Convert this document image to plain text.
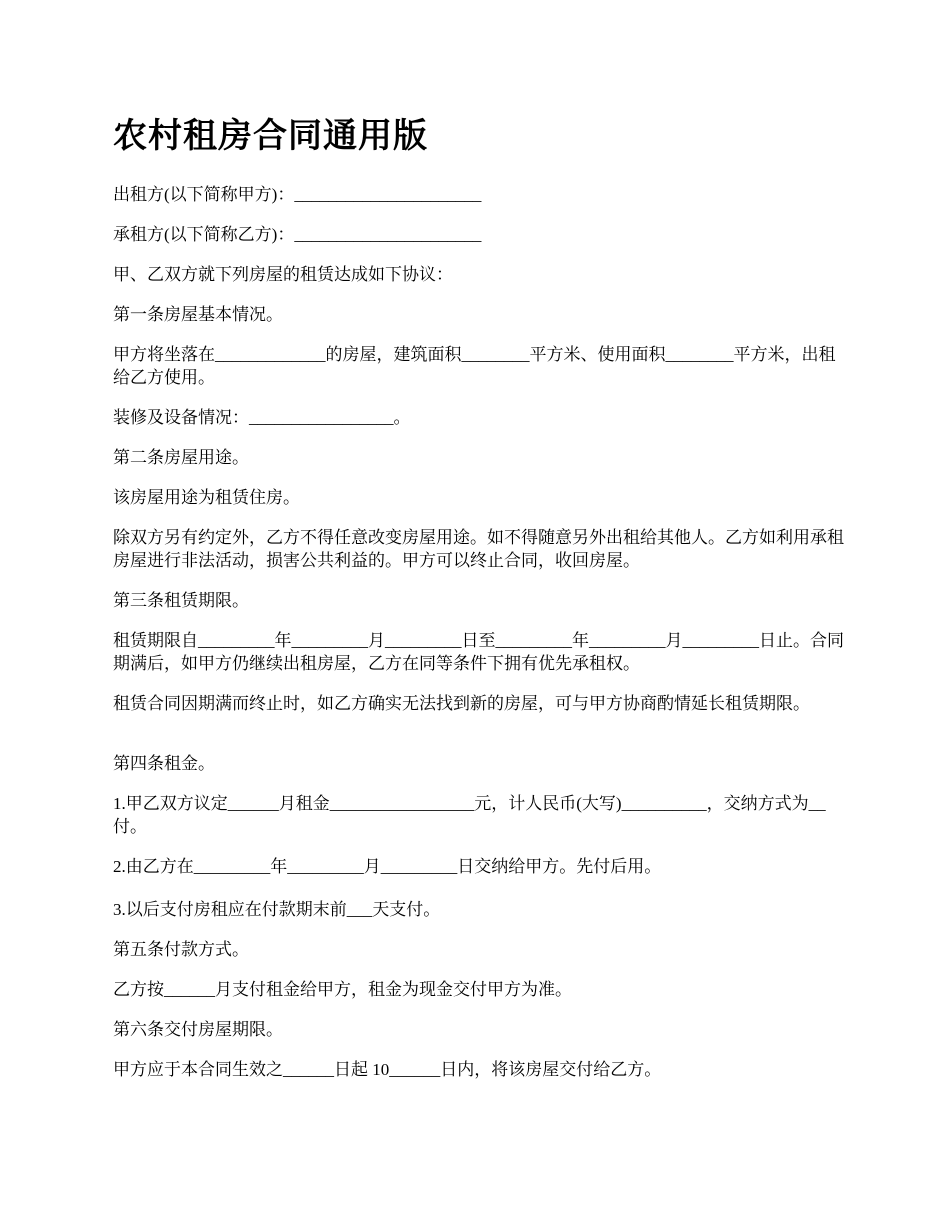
农村租房合同通用版

出租方(以下简称甲方)：______________________

承租方(以下简称乙方)：______________________

甲、乙双方就下列房屋的租赁达成如下协议：

第一条房屋基本情况。

甲方将坐落在_____________的房屋，建筑面积________平方米、使用面积________平方米，出租给乙方使用。

装修及设备情况：_________________。

第二条房屋用途。

该房屋用途为租赁住房。

除双方另有约定外，乙方不得任意改变房屋用途。如不得随意另外出租给其他人。乙方如利用承租房屋进行非法活动，损害公共利益的。甲方可以终止合同，收回房屋。

第三条租赁期限。

租赁期限自_________年_________月_________日至_________年_________月_________日止。合同期满后，如甲方仍继续出租房屋，乙方在同等条件下拥有优先承租权。

租赁合同因期满而终止时，如乙方确实无法找到新的房屋，可与甲方协商酌情延长租赁期限。

第四条租金。

1.甲乙双方议定______月租金_________________元，计人民币(大写)__________，交纳方式为__付。

2.由乙方在_________年_________月_________日交纳给甲方。先付后用。

3.以后支付房租应在付款期末前___天支付。

第五条付款方式。

乙方按______月支付租金给甲方，租金为现金交付甲方为准。

第六条交付房屋期限。

甲方应于本合同生效之______日起 10______日内，将该房屋交付给乙方。
